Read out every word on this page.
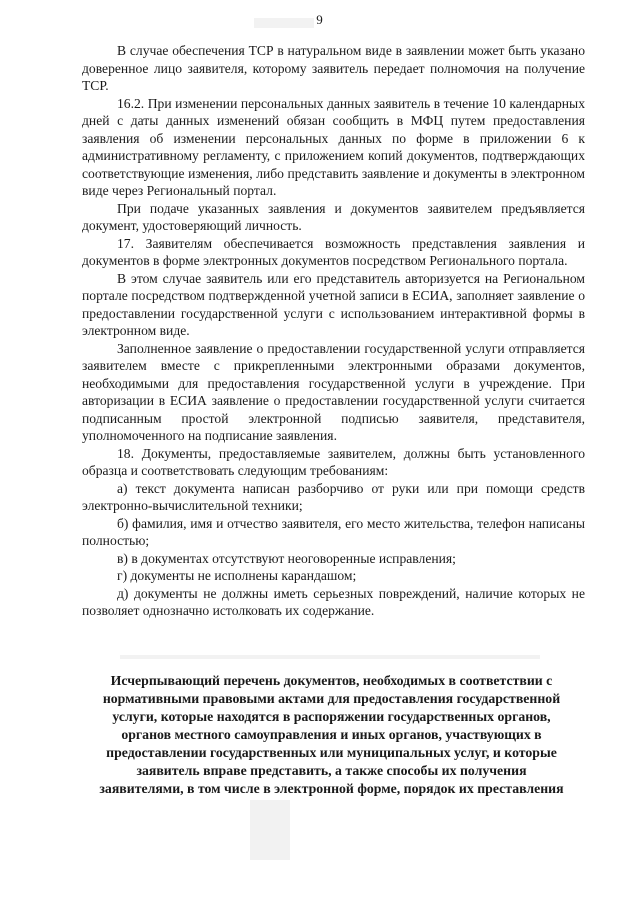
9

В случае обеспечения ТСР в натуральном виде в заявлении может быть указано доверенное лицо заявителя, которому заявитель передает полномочия на получение ТСР.

16.2. При изменении персональных данных заявитель в течение 10 календарных дней с даты данных изменений обязан сообщить в МФЦ путем предоставления заявления об изменении персональных данных по форме в приложении 6 к административному регламенту, с приложением копий документов, подтверждающих соответствующие изменения, либо представить заявление и документы в электронном виде через Региональный портал.

При подаче указанных заявления и документов заявителем предъявляется документ, удостоверяющий личность.

17. Заявителям обеспечивается возможность представления заявления и документов в форме электронных документов посредством Регионального портала.

В этом случае заявитель или его представитель авторизуется на Региональном портале посредством подтвержденной учетной записи в ЕСИА, заполняет заявление о предоставлении государственной услуги с использованием интерактивной формы в электронном виде.

Заполненное заявление о предоставлении государственной услуги отправляется заявителем вместе с прикрепленными электронными образами документов, необходимыми для предоставления государственной услуги в учреждение. При авторизации в ЕСИА заявление о предоставлении государственной услуги считается подписанным простой электронной подписью заявителя, представителя, уполномоченного на подписание заявления.

18. Документы, предоставляемые заявителем, должны быть установленного образца и соответствовать следующим требованиям:

а) текст документа написан разборчиво от руки или при помощи средств электронно-вычислительной техники;

б) фамилия, имя и отчество заявителя, его место жительства, телефон написаны полностью;

в) в документах отсутствуют неоговоренные исправления;

г) документы не исполнены карандашом;

д) документы не должны иметь серьезных повреждений, наличие которых не позволяет однозначно истолковать их содержание.

Исчерпывающий перечень документов, необходимых в соответствии с
нормативными правовыми актами для предоставления государственной
услуги, которые находятся в распоряжении государственных органов,
органов местного самоуправления и иных органов, участвующих в
предоставлении государственных или муниципальных услуг, и которые
заявитель вправе представить, а также способы их получения
заявителями, в том числе в электронной форме, порядок их преставления
